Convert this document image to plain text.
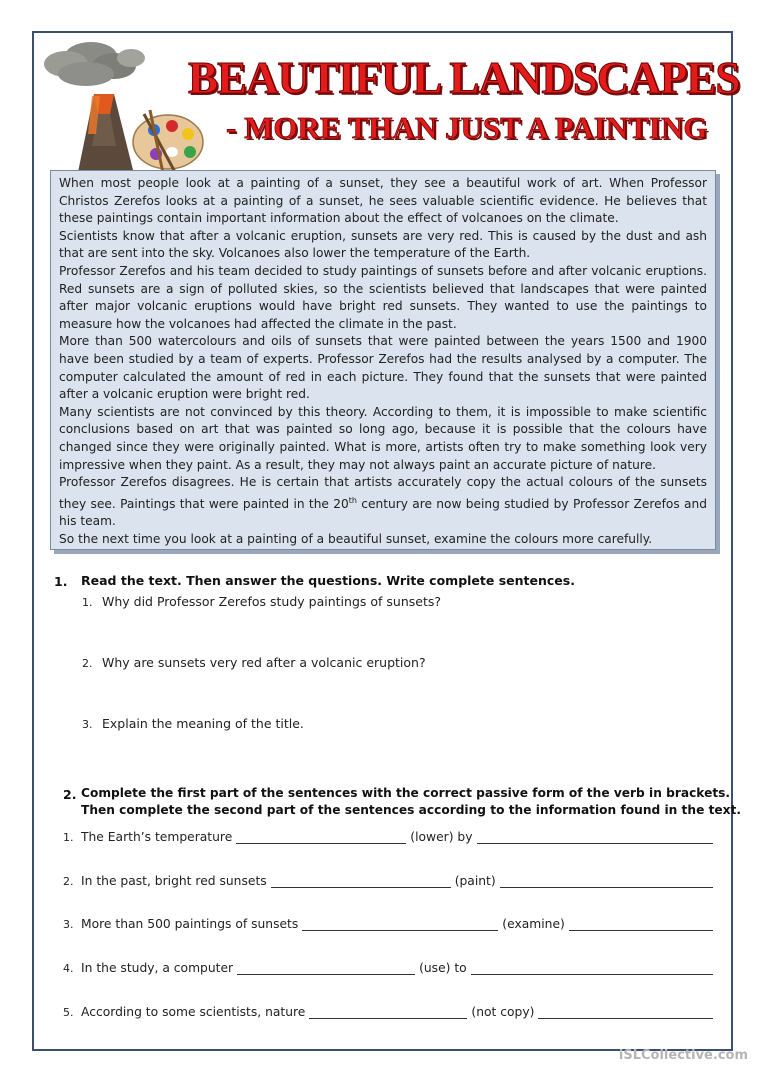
BEAUTIFUL LANDSCAPES
- MORE THAN JUST A PAINTING

When most people look at a painting of a sunset, they see a beautiful work of art. When Professor Christos Zerefos looks at a painting of a sunset, he sees valuable scientific evidence. He believes that these paintings contain important information about the effect of volcanoes on the climate.

Scientists know that after a volcanic eruption, sunsets are very red. This is caused by the dust and ash that are sent into the sky. Volcanoes also lower the temperature of the Earth.

Professor Zerefos and his team decided to study paintings of sunsets before and after volcanic eruptions. Red sunsets are a sign of polluted skies, so the scientists believed that landscapes that were painted after major volcanic eruptions would have bright red sunsets. They wanted to use the paintings to measure how the volcanoes had affected the climate in the past.

More than 500 watercolours and oils of sunsets that were painted between the years 1500 and 1900 have been studied by a team of experts. Professor Zerefos had the results analysed by a computer. The computer calculated the amount of red in each picture. They found that the sunsets that were painted after a volcanic eruption were bright red.

Many scientists are not convinced by this theory. According to them, it is impossible to make scientific conclusions based on art that was painted so long ago, because it is possible that the colours have changed since they were originally painted. What is more, artists often try to make something look very impressive when they paint. As a result, they may not always paint an accurate picture of nature.

Professor Zerefos disagrees. He is certain that artists accurately copy the actual colours of the sunsets they see. Paintings that were painted in the 20th century are now being studied by Professor Zerefos and his team.

So the next time you look at a painting of a beautiful sunset, examine the colours more carefully.

1. Read the text. Then answer the questions. Write complete sentences.
1. Why did Professor Zerefos study paintings of sunsets?
2. Why are sunsets very red after a volcanic eruption?
3. Explain the meaning of the title.
2. Complete the first part of the sentences with the correct passive form of the verb in brackets.
Then complete the second part of the sentences according to the information found in the text.
1. The Earth’s temperature	(lower) by
2. In the past, bright red sunsets	(paint)
3. More than 500 paintings of sunsets	(examine)
4. In the study, a computer	(use) to
5. According to some scientists, nature	(not copy)
iSLCollective.com
